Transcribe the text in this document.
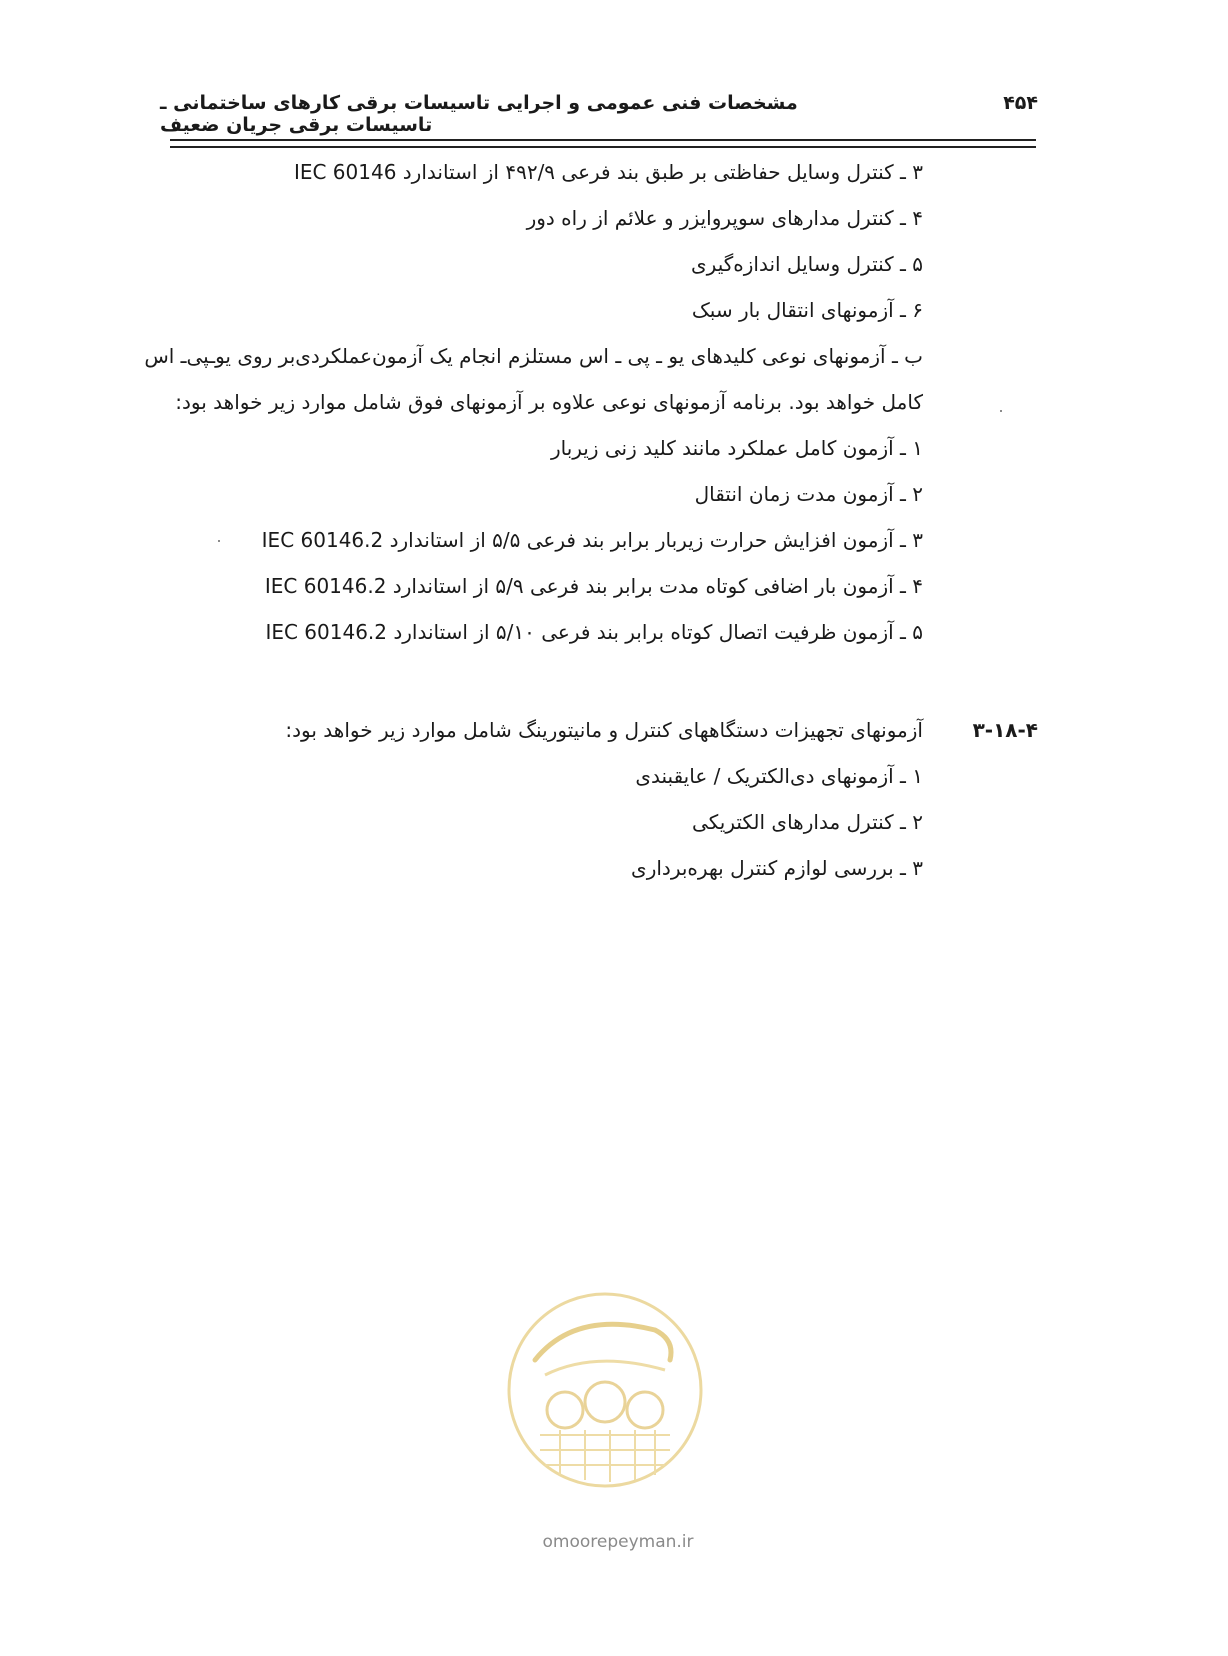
۴۵۴
مشخصات فنی عمومی و اجرایی تاسیسات برقی کارهای ساختمانی ـ تاسیسات برقی جریان ضعیف
۳ ـ کنترل وسایل حفاظتی بر طبق بند فرعی ۴۹۲/۹ از استاندارد IEC 60146
۴ ـ کنترل مدارهای سوپروایزر و علائم از راه دور
۵ ـ کنترل وسایل اندازه‌گیری
۶ ـ آزمونهای انتقال بار سبک
ب ـ آزمونهای نوعی کلیدهای یو ـ پی ـ اس مستلزم انجام یک آزمون‌عملکردی‌بر روی یو‌ـپی‌ـ اس
کامل خواهد بود. برنامه آزمونهای نوعی علاوه بر آزمونهای فوق شامل موارد زیر خواهد بود:
۱ ـ آزمون کامل عملکرد مانند کلید زنی زیربار
۲ ـ آزمون مدت زمان انتقال
۳ ـ آزمون افزایش حرارت زیربار برابر بند فرعی ۵/۵ از استاندارد IEC 60146.2
۴ ـ آزمون بار اضافی کوتاه مدت برابر بند فرعی ۵/۹ از استاندارد IEC 60146.2
۵ ـ آزمون ظرفیت اتصال کوتاه برابر بند فرعی ۵/۱۰ از استاندارد IEC 60146.2
۳-۱۸-۴
آزمونهای تجهیزات دستگاههای کنترل و مانیتورینگ شامل موارد زیر خواهد بود:
۱ ـ آزمونهای دی‌الکتریک / عایقبندی
۲ ـ کنترل مدارهای الکتریکی
۳ ـ بررسی لوازم کنترل بهره‌برداری
omoorepeyman.ir
